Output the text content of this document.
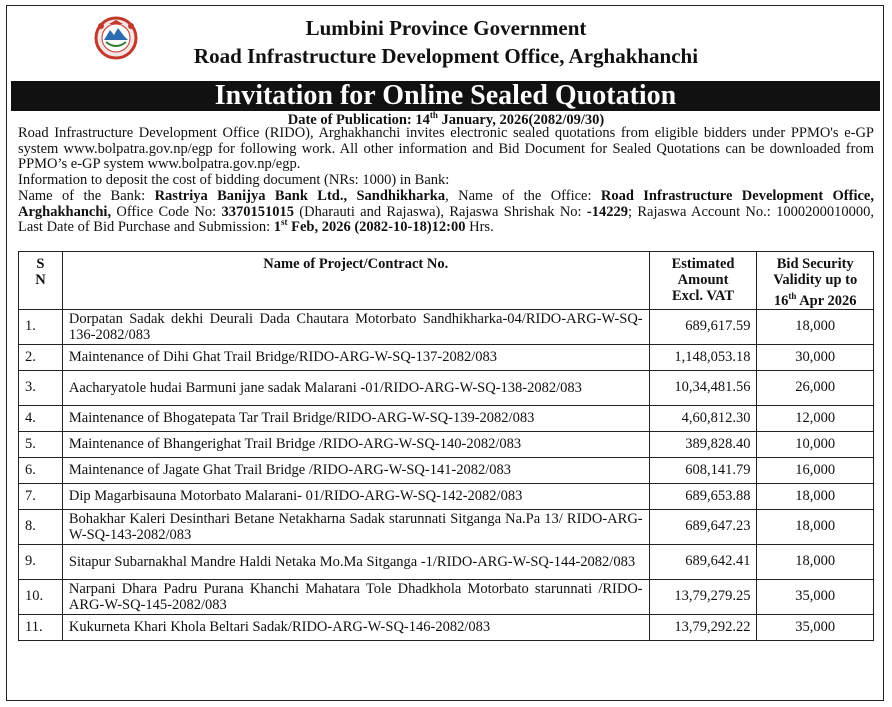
Lumbini Province Government
Road Infrastructure Development Office, Arghakhanchi
Invitation for Online Sealed Quotation
Date of Publication: 14th January, 2026(2082/09/30)

Road Infrastructure Development Office (RIDO), Arghakhanchi invites electronic sealed quotations from eligible bidders under PPMO's e-GP system www.bolpatra.gov.np/egp for following work. All other information and Bid Document for Sealed Quotations can be downloaded from PPMO’s e-GP system www.bolpatra.gov.np/egp.

Information to deposit the cost of bidding document (NRs: 1000) in Bank:

Name of the Bank: Rastriya Banijya Bank Ltd., Sandhikharka, Name of the Office: Road Infrastructure Development Office, Arghakhanchi, Office Code No: 3370151015 (Dharauti and Rajaswa), Rajaswa Shrishak No: -14229; Rajaswa Account No.: 1000200010000, Last Date of Bid Purchase and Submission: 1st Feb, 2026 (2082-10-18)12:00 Hrs.

S
N	Name of Project/Contract No.	Estimated
Amount
Excl. VAT	Bid Security
Validity up to
16th Apr 2026
1.	Dorpatan Sadak dekhi Deurali Dada Chautara Motorbato Sandhikharka-04/RIDO-ARG-W-SQ-136-2082/083	689,617.59	18,000
2.	Maintenance of Dihi Ghat Trail Bridge/RIDO-ARG-W-SQ-137-2082/083	1,148,053.18	30,000
3.	Aacharyatole hudai Barmuni jane sadak Malarani -01/RIDO-ARG-W-SQ-138-2082/083	10,34,481.56	26,000
4.	Maintenance of Bhogatepata Tar Trail Bridge/RIDO-ARG-W-SQ-139-2082/083	4,60,812.30	12,000
5.	Maintenance of Bhangerighat Trail Bridge /RIDO-ARG-W-SQ-140-2082/083	389,828.40	10,000
6.	Maintenance of Jagate Ghat Trail Bridge /RIDO-ARG-W-SQ-141-2082/083	608,141.79	16,000
7.	Dip Magarbisauna Motorbato Malarani- 01/RIDO-ARG-W-SQ-142-2082/083	689,653.88	18,000
8.	Bohakhar Kaleri Desinthari Betane Netakharna Sadak starunnati Sitganga Na.Pa 13/ RIDO-ARG-W-SQ-143-2082/083	689,647.23	18,000
9.	Sitapur Subarnakhal Mandre Haldi Netaka Mo.Ma Sitganga -1/RIDO-ARG-W-SQ-144-2082/083	689,642.41	18,000
10.	Narpani Dhara Padru Purana Khanchi Mahatara Tole Dhadkhola Motorbato starunnati /RIDO-ARG-W-SQ-145-2082/083	13,79,279.25	35,000
11.	Kukurneta Khari Khola Beltari Sadak/RIDO-ARG-W-SQ-146-2082/083	13,79,292.22	35,000
